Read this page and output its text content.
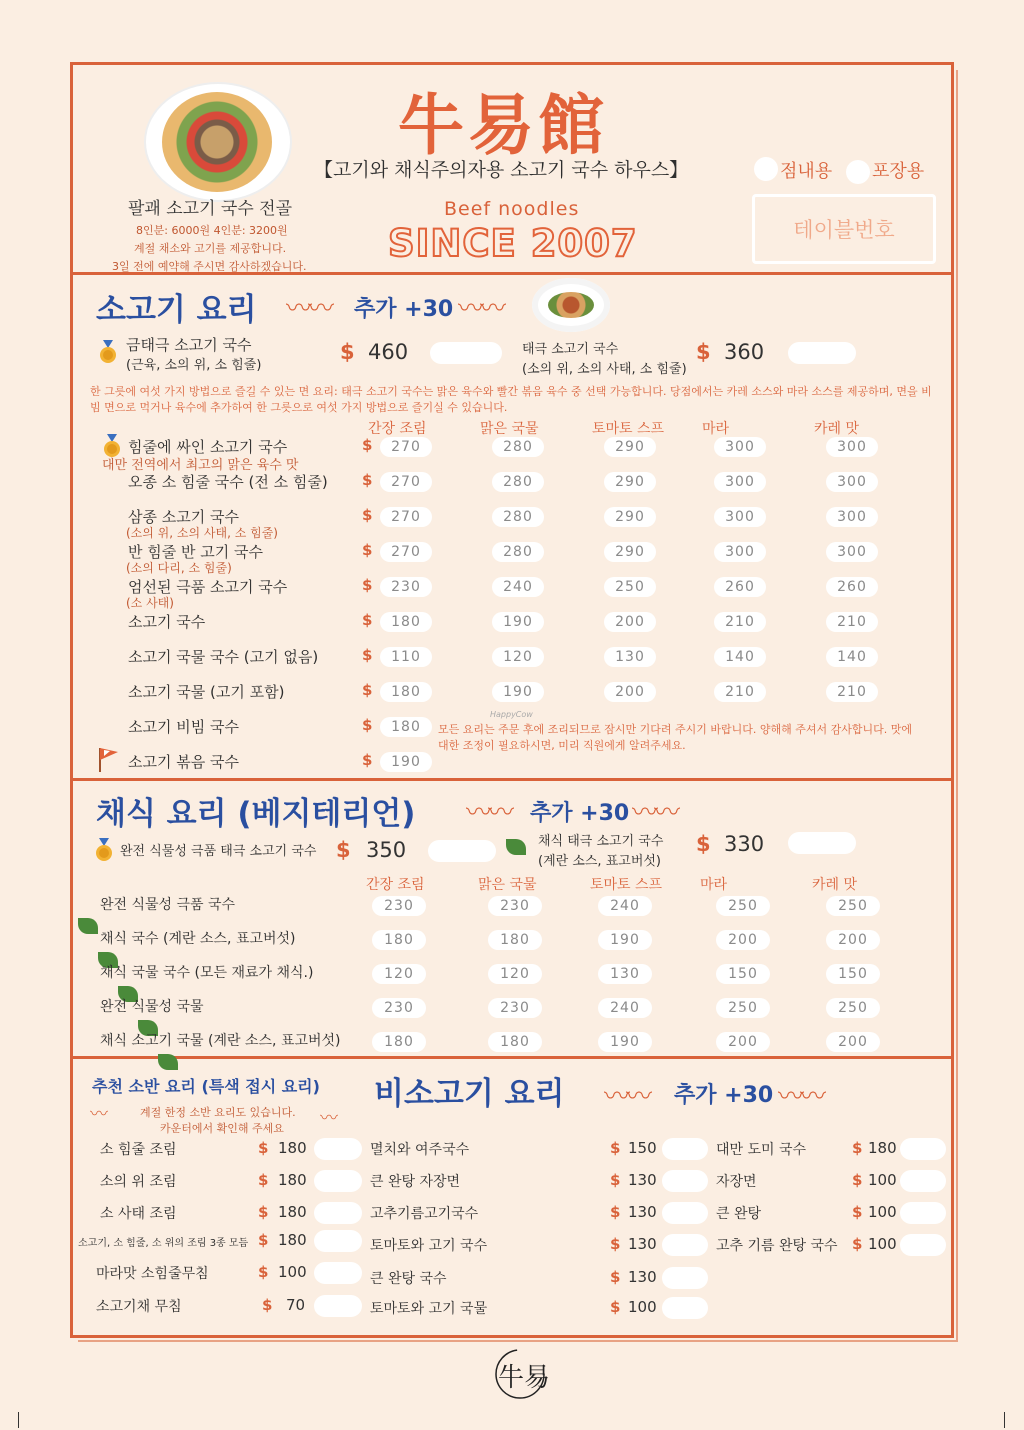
牛易館
【고기와 채식주의자용 소고기 국수 하우스】	점내용 포장용
팔괘 소고기 국수 전골
8인분: 6000원 4인분: 3200원
계절 채소와 고기를 제공합니다.
3일 전에 예약해 주시면 감사하겠습니다.
Beef noodles
SINCE 2007	테이블번호
소고기 요리 〰〰 추가 +30 〰〰
금태극 소고기 국수
(근육, 소의 위, 소 힘줄)
$ 460	태극 소고기 국수
(소의 위, 소의 사태, 소 힘줄)
$ 360
한 그릇에 여섯 가지 방법으로 즐길 수 있는 면 요리: 태극 소고기 국수는 맑은 육수와 빨간 볶음 육수 중 선택 가능합니다. 당점에서는 카레 소스와 마라 소스를 제공하며, 면을 비빔 면으로 먹거나 육수에 추가하여 한 그릇으로 여섯 가지 방법으로 즐기실 수 있습니다.
간장 조림	맑은 국물	토마토 스프	마라	카레 맛
힘줄에 싸인 소고기 국수
대만 전역에서 최고의 맑은 육수 맛
$	270	280	290	300	300
오종 소 힘줄 국수 (전 소 힘줄) $	270	280	290	300	300
삼종 소고기 국수
(소의 위, 소의 사태, 소 힘줄)
$	270	280	290	300	300
반 힘줄 반 고기 국수
(소의 다리, 소 힘줄)
$	270	280	290	300	300
엄선된 극품 소고기 국수
(소 사태)
$	230	240	250	260	260
소고기 국수	$	180	190	200	210	210
소고기 국물 국수 (고기 없음)	$	110	120	130	140	140
소고기 국물 (고기 포함)	$	180	190	200	210	210
소고기 비빔 국수	$	180
소고기 볶음 국수	$	190
모든 요리는 주문 후에 조리되므로 잠시만 기다려 주시기 바랍니다. 양해해 주셔서 감사합니다. 맛에 대한 조정이 필요하시면, 미리 직원에게 알려주세요.
HappyCow
채식 요리 (베지테리언) 〰〰 추가 +30 〰〰
완전 식물성 극품 태극 소고기 국수 $ 350	채식 태극 소고기 국수
(계란 소스, 표고버섯)
$ 330
간장 조림	맑은 국물	토마토 스프	마라	카레 맛
완전 식물성 극품 국수	230	230	240	250	250
채식 국수 (계란 소스, 표고버섯)	180	180	190	200	200
채식 국물 국수 (모든 재료가 채식.)	120	120	130	150	150
완전 식물성 국물	230	230	240	250	250
채식 소고기 국물 (계란 소스, 표고버섯)	180	180	190	200	200
추천 소반 요리 (특색 접시 요리)
〰	계절 한정 소반 요리도 있습니다.
카운터에서 확인해 주세요 〰
비소고기 요리 〰〰 추가 +30 〰〰
소 힘줄 조림	$ 180
소의 위 조림	$ 180
소 사태 조림	$ 180
소고기, 소 힘줄, 소 위의 조림 3종 모듬 $ 180
마라맛 소힘줄무침	$ 100
소고기채 무침	$ 70
멸치와 여주국수	$ 150
큰 완탕 자장면	$ 130
고추기름고기국수	$ 130
토마토와 고기 국수	$ 130
큰 완탕 국수	$ 130
토마토와 고기 국물	$ 100
대만 도미 국수	$ 180
자장면	$ 100
큰 완탕	$ 100
고추 기름 완탕 국수 $ 100
牛易
